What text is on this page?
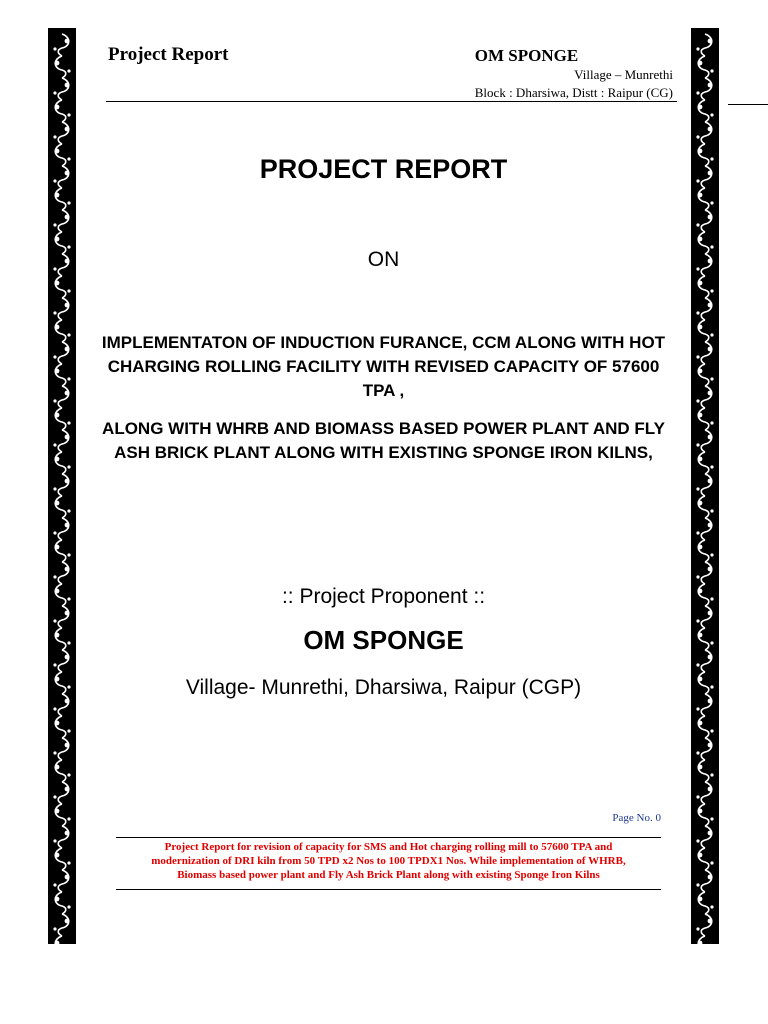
Project Report	OM SPONGE
Village – Munrethi
Block : Dharsiwa, Distt : Raipur (CG)
PROJECT REPORT
ON
IMPLEMENTATON OF INDUCTION FURANCE, CCM ALONG WITH HOT CHARGING ROLLING FACILITY WITH REVISED CAPACITY OF 57600 TPA ,
ALONG WITH WHRB AND BIOMASS BASED POWER PLANT AND FLY ASH BRICK PLANT ALONG WITH EXISTING SPONGE IRON KILNS,
:: Project Proponent ::
OM SPONGE
Village- Munrethi, Dharsiwa, Raipur (CGP)
Page No. 0
Project Report for revision of capacity for SMS and Hot charging rolling mill to 57600 TPA and
modernization of DRI kiln from 50 TPD x2 Nos to 100 TPDX1 Nos. While implementation of WHRB,
Biomass based power plant and Fly Ash Brick Plant along with existing Sponge Iron Kilns
